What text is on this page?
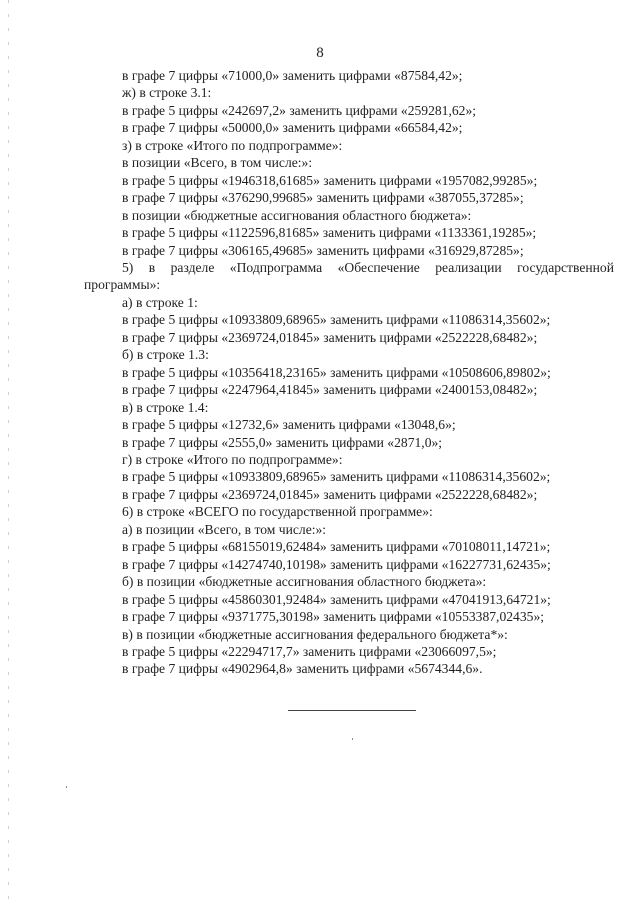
8
в графе 7 цифры «71000,0» заменить цифрами «87584,42»;
ж) в строке 3.1:
в графе 5 цифры «242697,2» заменить цифрами «259281,62»;
в графе 7 цифры «50000,0» заменить цифрами «66584,42»;
з) в строке «Итого по подпрограмме»:
в позиции «Всего, в том числе:»:
в графе 5 цифры «1946318,61685» заменить цифрами «1957082,99285»;
в графе 7 цифры «376290,99685» заменить цифрами «387055,37285»;
в позиции «бюджетные ассигнования областного бюджета»:
в графе 5 цифры «1122596,81685» заменить цифрами «1133361,19285»;
в графе 7 цифры «306165,49685» заменить цифрами «316929,87285»;
5) в разделе «Подпрограмма «Обеспечение реализации государственной
программы»:
а) в строке 1:
в графе 5 цифры «10933809,68965» заменить цифрами «11086314,35602»;
в графе 7 цифры «2369724,01845» заменить цифрами «2522228,68482»;
б) в строке 1.3:
в графе 5 цифры «10356418,23165» заменить цифрами «10508606,89802»;
в графе 7 цифры «2247964,41845» заменить цифрами «2400153,08482»;
в) в строке 1.4:
в графе 5 цифры «12732,6» заменить цифрами «13048,6»;
в графе 7 цифры «2555,0» заменить цифрами «2871,0»;
г) в строке «Итого по подпрограмме»:
в графе 5 цифры «10933809,68965» заменить цифрами «11086314,35602»;
в графе 7 цифры «2369724,01845» заменить цифрами «2522228,68482»;
6) в строке «ВСЕГО по государственной программе»:
а) в позиции «Всего, в том числе:»:
в графе 5 цифры «68155019,62484» заменить цифрами «70108011,14721»;
в графе 7 цифры «14274740,10198» заменить цифрами «16227731,62435»;
б) в позиции «бюджетные ассигнования областного бюджета»:
в графе 5 цифры «45860301,92484» заменить цифрами «47041913,64721»;
в графе 7 цифры «9371775,30198» заменить цифрами «10553387,02435»;
в) в позиции «бюджетные ассигнования федерального бюджета*»:
в графе 5 цифры «22294717,7» заменить цифрами «23066097,5»;
в графе 7 цифры «4902964,8» заменить цифрами «5674344,6».
